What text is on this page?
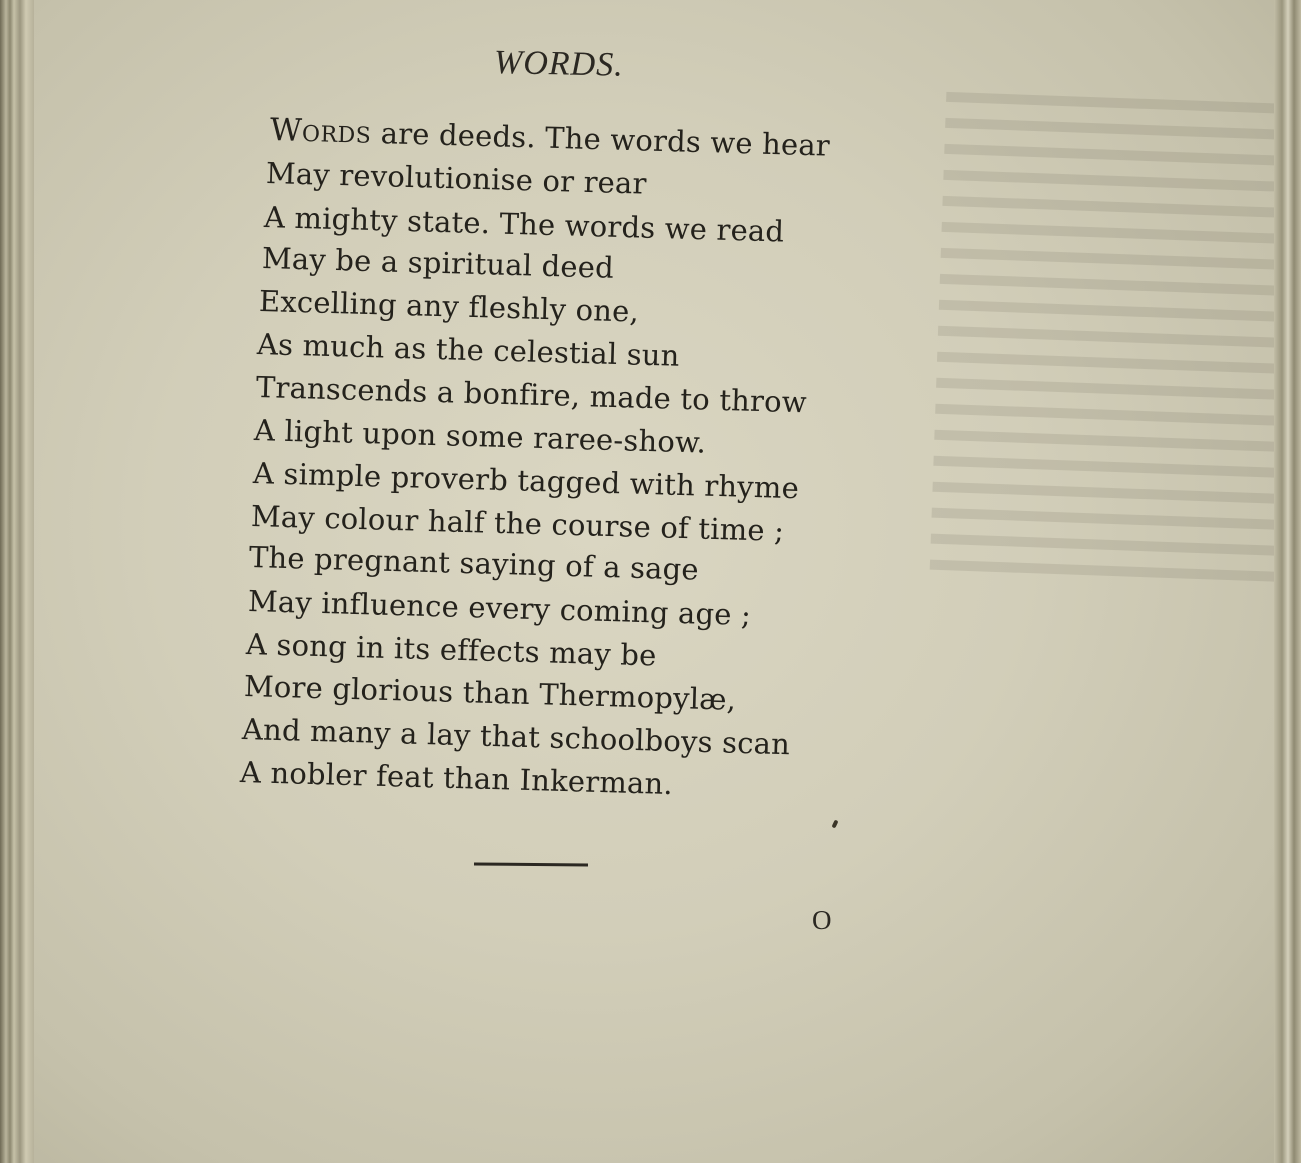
WORDS.
WORDS are deeds. The words we hear
May revolutionise or rear
A mighty state. The words we read
May be a spiritual deed
Excelling any fleshly one,
As much as the celestial sun
Transcends a bonfire, made to throw
A light upon some raree-show.
A simple proverb tagged with rhyme
May colour half the course of time ;
The pregnant saying of a sage
May influence every coming age ;
A song in its effects may be
More glorious than Thermopylæ,
And many a lay that schoolboys scan
A nobler feat than Inkerman.
O
